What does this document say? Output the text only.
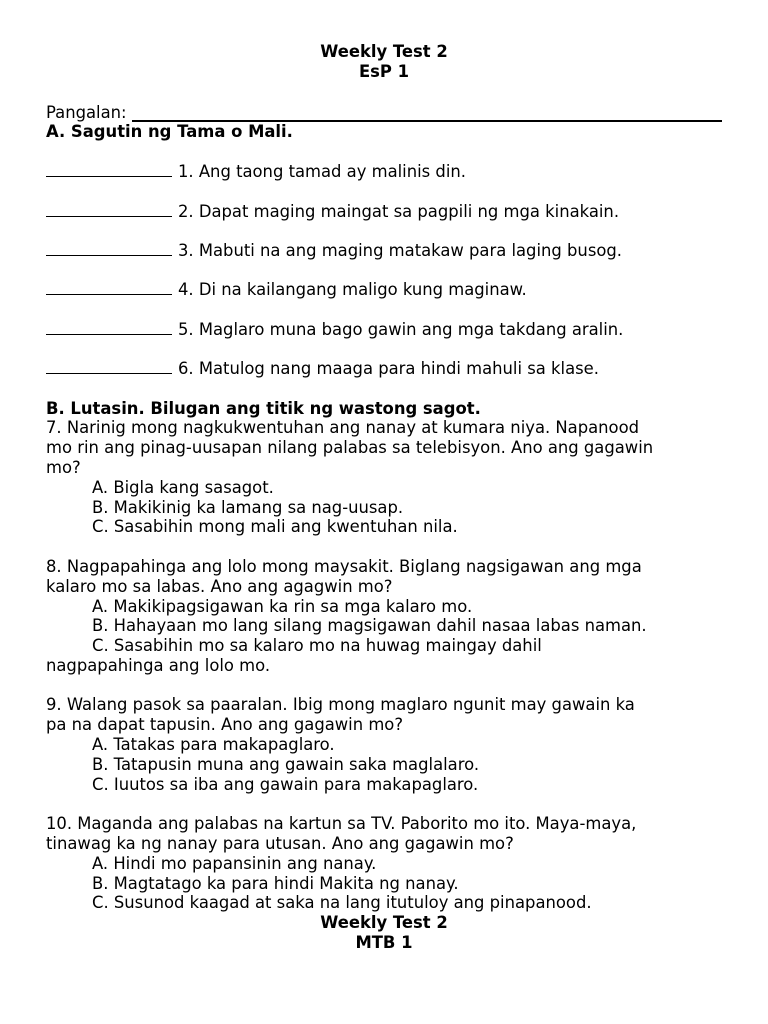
Weekly Test 2
EsP 1
Pangalan:
A. Sagutin ng Tama o Mali.
1. Ang taong tamad ay malinis din.
2. Dapat maging maingat sa pagpili ng mga kinakain.
3. Mabuti na ang maging matakaw para laging busog.
4. Di na kailangang maligo kung maginaw.
5. Maglaro muna bago gawin ang mga takdang aralin.
6. Matulog nang maaga para hindi mahuli sa klase.
B. Lutasin. Bilugan ang titik ng wastong sagot.
7. Narinig mong nagkukwentuhan ang nanay at kumara niya. Napanood
mo rin ang pinag-uusapan nilang palabas sa telebisyon. Ano ang gagawin
mo?
A. Bigla kang sasagot.
B. Makikinig ka lamang sa nag-uusap.
C. Sasabihin mong mali ang kwentuhan nila.
8. Nagpapahinga ang lolo mong maysakit. Biglang nagsigawan ang mga
kalaro mo sa labas. Ano ang agagwin mo?
A. Makikipagsigawan ka rin sa mga kalaro mo.
B. Hahayaan mo lang silang magsigawan dahil nasaa labas naman.
C. Sasabihin mo sa kalaro mo na huwag maingay dahil
nagpapahinga ang lolo mo.
9. Walang pasok sa paaralan. Ibig mong maglaro ngunit may gawain ka
pa na dapat tapusin. Ano ang gagawin mo?
A. Tatakas para makapaglaro.
B. Tatapusin muna ang gawain saka maglalaro.
C. Iuutos sa iba ang gawain para makapaglaro.
10. Maganda ang palabas na kartun sa TV. Paborito mo ito. Maya-maya,
tinawag ka ng nanay para utusan. Ano ang gagawin mo?
A. Hindi mo papansinin ang nanay.
B. Magtatago ka para hindi Makita ng nanay.
C. Susunod kaagad at saka na lang itutuloy ang pinapanood.
Weekly Test 2
MTB 1
